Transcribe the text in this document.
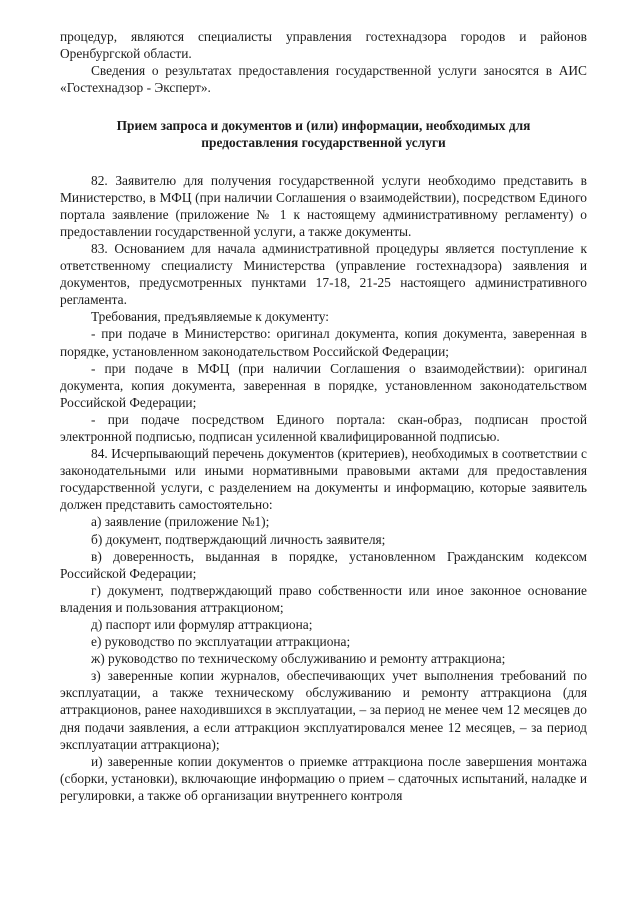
процедур, являются специалисты управления гостехнадзора городов и районов Оренбургской области.

Сведения о результатах предоставления государственной услуги заносятся в АИС «Гостехнадзор - Эксперт».

Прием запроса и документов и (или) информации, необходимых для предоставления государственной услуги

82. Заявителю для получения государственной услуги необходимо представить в Министерство, в МФЦ (при наличии Соглашения о взаимодействии), посредством Единого портала заявление (приложение № 1 к настоящему административному регламенту) о предоставлении государственной услуги, а также документы.

83. Основанием для начала административной процедуры является поступление к ответственному специалисту Министерства (управление гостехнадзора) заявления и документов, предусмотренных пунктами 17-18, 21-25 настоящего административного регламента.

Требования, предъявляемые к документу:

- при подаче в Министерство: оригинал документа, копия документа, заверенная в порядке, установленном законодательством Российской Федерации;

- при подаче в МФЦ (при наличии Соглашения о взаимодействии): оригинал документа, копия документа, заверенная в порядке, установленном законодательством Российской Федерации;

- при подаче посредством Единого портала: скан-образ, подписан простой электронной подписью, подписан усиленной квалифицированной подписью.

84. Исчерпывающий перечень документов (критериев), необходимых в соответствии с законодательными или иными нормативными правовыми актами для предоставления государственной услуги, с разделением на документы и информацию, которые заявитель должен представить самостоятельно:

а) заявление (приложение №1);

б) документ, подтверждающий личность заявителя;

в) доверенность, выданная в порядке, установленном Гражданским кодексом Российской Федерации;

г) документ, подтверждающий право собственности или иное законное основание владения и пользования аттракционом;

д) паспорт или формуляр аттракциона;

е) руководство по эксплуатации аттракциона;

ж) руководство по техническому обслуживанию и ремонту аттракциона;

з) заверенные копии журналов, обеспечивающих учет выполнения требований по эксплуатации, а также техническому обслуживанию и ремонту аттракциона (для аттракционов, ранее находившихся в эксплуатации, – за период не менее чем 12 месяцев до дня подачи заявления, а если аттракцион эксплуатировался менее 12 месяцев, – за период эксплуатации аттракциона);

и) заверенные копии документов о приемке аттракциона после завершения монтажа (сборки, установки), включающие информацию о прием – сдаточных испытаний, наладке и регулировки, а также об организации внутреннего контроля
